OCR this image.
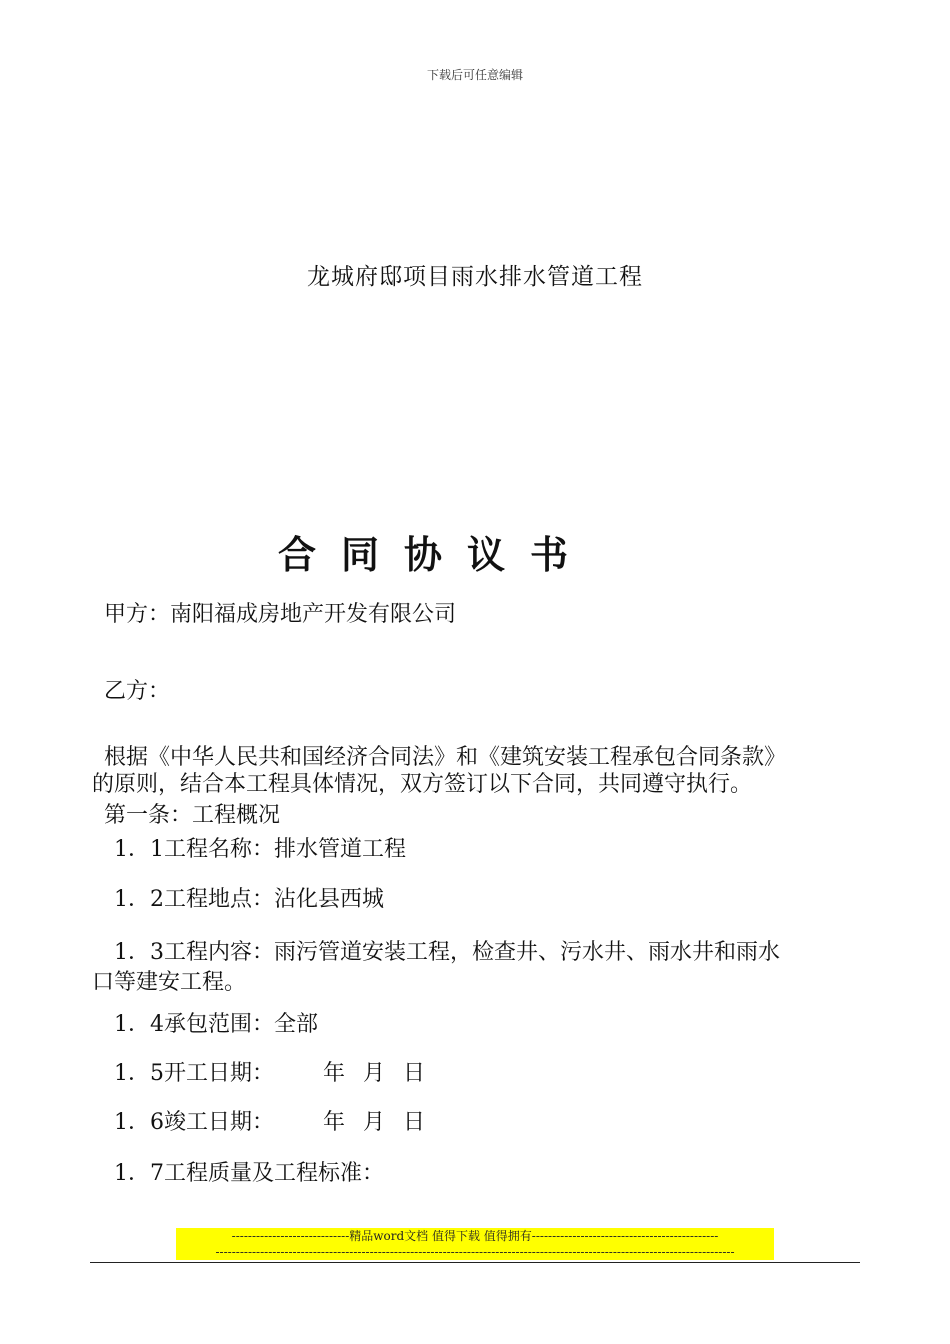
下载后可任意编辑
龙城府邸项目雨水排水管道工程
合同协议书
甲方：南阳福成房地产开发有限公司
乙方：
根据《中华人民共和国经济合同法》和《建筑安装工程承包合同条款》
的原则，结合本工程具体情况，双方签订以下合同，共同遵守执行。
第一条：工程概况
1．1工程名称：排水管道工程
1．2工程地点：沾化县西城
1．3工程内容：雨污管道安装工程，检查井、污水井、雨水井和雨水
口等建安工程。
1．4承包范围：全部
1．5开工日期： 年 月 日
1．6竣工日期： 年 月 日
1．7工程质量及工程标准：
-----------------------------精品word文档 值得下载 值得拥有----------------------------------------------
--------------------------------------------------------------------------------------------------------------------------------
